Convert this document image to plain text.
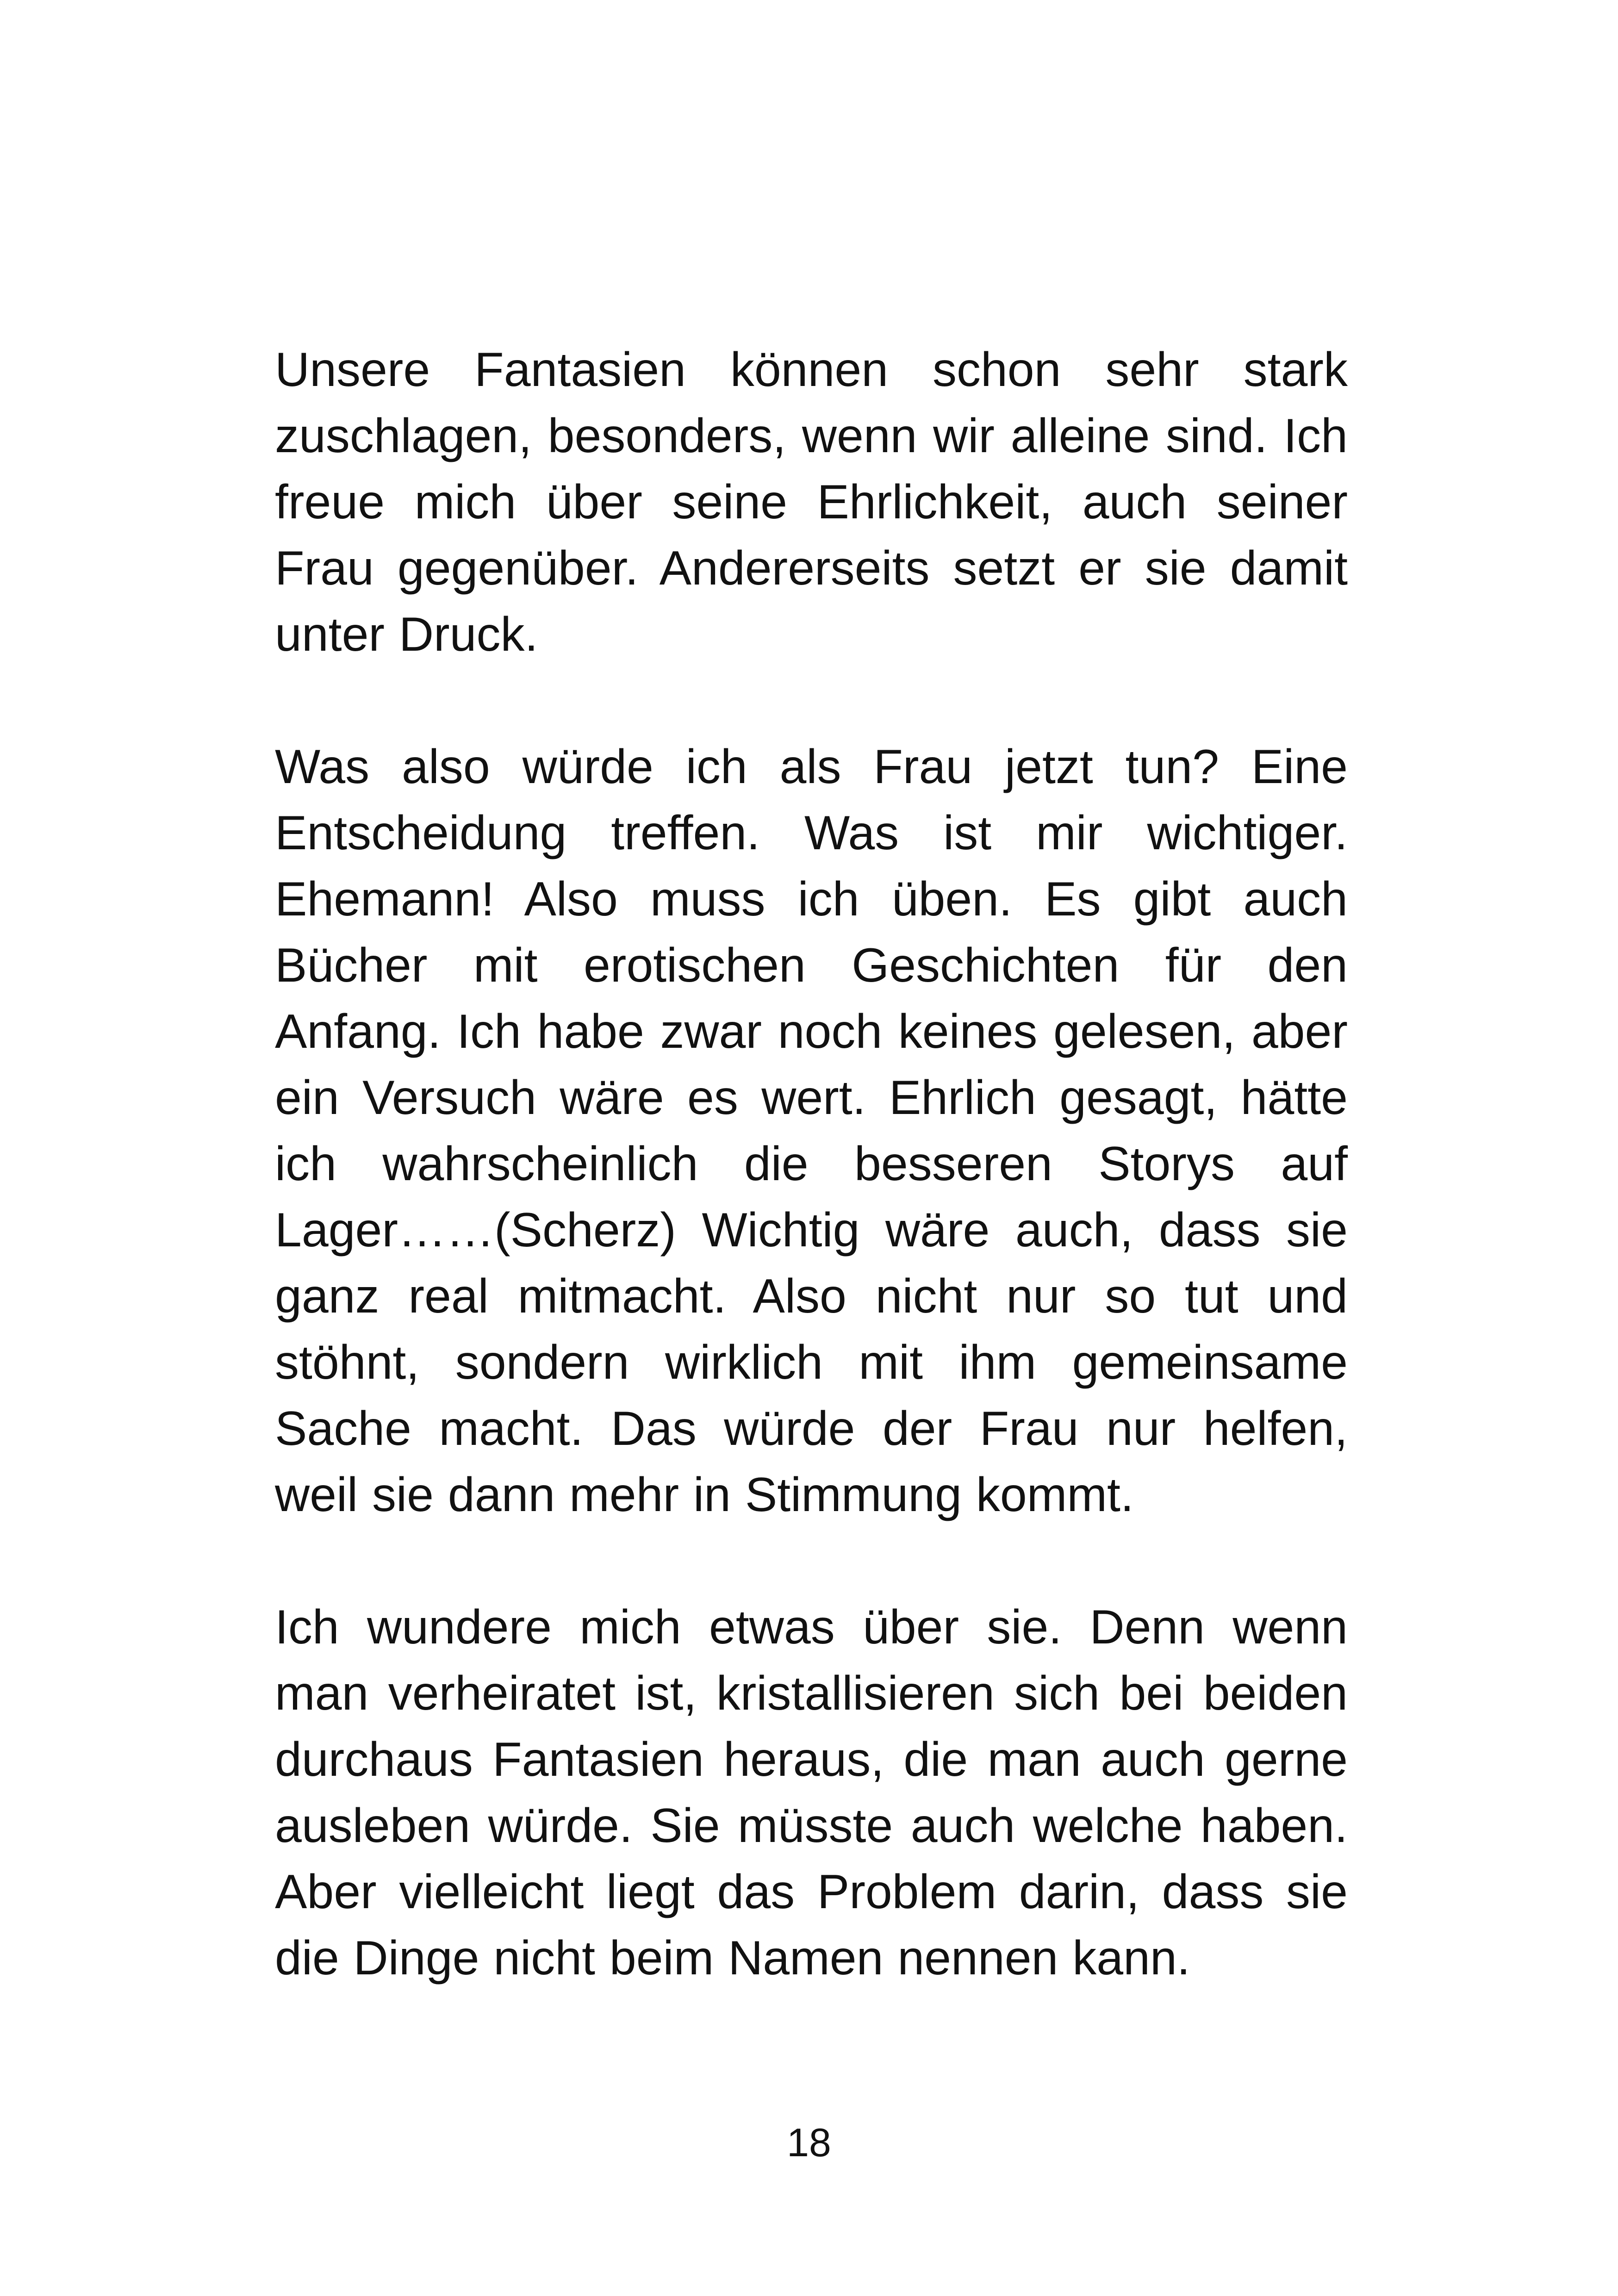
Unsere Fantasien können schon sehr stark zuschlagen, besonders, wenn wir alleine sind. Ich freue mich über seine Ehrlichkeit, auch seiner Frau gegenüber. Andererseits setzt er sie damit unter Druck.

Was also würde ich als Frau jetzt tun? Eine Entscheidung treffen. Was ist mir wichtiger. Ehemann! Also muss ich üben. Es gibt auch Bücher mit erotischen Geschichten für den Anfang. Ich habe zwar noch keines gelesen, aber ein Versuch wäre es wert. Ehrlich gesagt, hätte ich wahrscheinlich die besseren Storys auf Lager……(Scherz) Wichtig wäre auch, dass sie ganz real mitmacht. Also nicht nur so tut und stöhnt, sondern wirklich mit ihm gemeinsame Sache macht. Das würde der Frau nur helfen, weil sie dann mehr in Stimmung kommt.

Ich wundere mich etwas über sie. Denn wenn man verheiratet ist, kristallisieren sich bei beiden durchaus Fantasien heraus, die man auch gerne ausleben würde. Sie müsste auch welche haben. Aber vielleicht liegt das Problem darin, dass sie die Dinge nicht beim Namen nennen kann.

18
